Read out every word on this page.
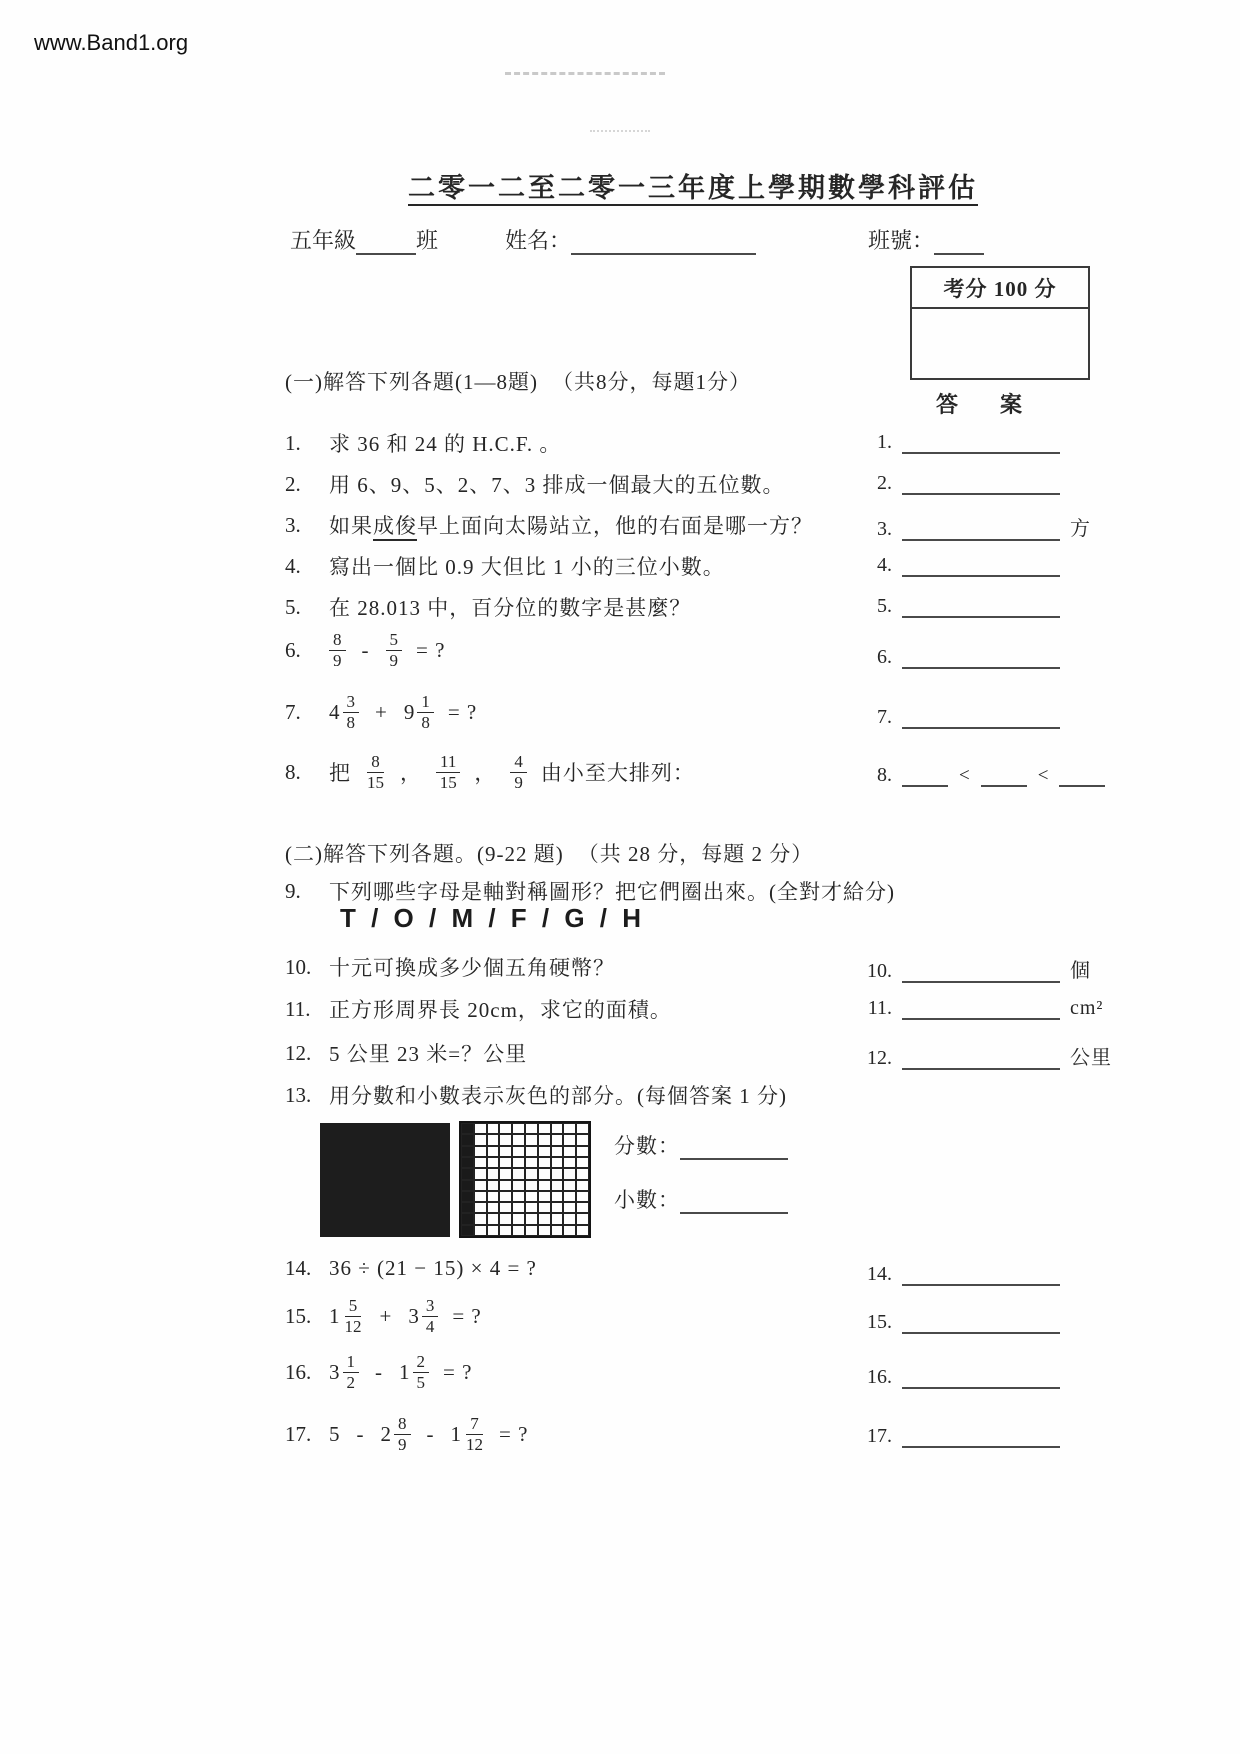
www.Band1.org
二零一二至二零一三年度上學期數學科評估
五年級	班	姓名：	班號：
考分 100 分
答 案
(一)解答下列各題(1—8題) （共8分，每題1分）
1.	求 36 和 24 的 H.C.F. 。
2.	用 6、9、5、2、7、3 排成一個最大的五位數。
3.	如果成俊早上面向太陽站立，他的右面是哪一方？
4.	寫出一個比 0.9 大但比 1 小的三位小數。
5.	在 28.013 中，百分位的數字是甚麼？
6.	$\frac{8}{9} - \frac{5}{9}$ = ?
7.	$4 \frac{3}{8} + 9 \frac{1}{8}$ = ?
8.	把 $\frac{8}{15}$ ， $\frac{11}{15}$ ， $\frac{4}{9}$ 由小至大排列：
1.
2.
3.	方
4.
5.
6.
7.
8.	<	<
(二)解答下列各題。(9-22 題) （共 28 分，每題 2 分）
9.	下列哪些字母是軸對稱圖形？把它們圈出來。(全對才給分)
T / O / M / F / G / H
10. 十元可換成多少個五角硬幣？
11. 正方形周界長 20cm，求它的面積。
12. 5 公里 23 米=？公里
13. 用分數和小數表示灰色的部分。(每個答案 1 分)
分數：
小數：
14. 36 ÷ (21 − 15) × 4 = ?
15. $1 \frac{5}{12} + 3 \frac{3}{4}$ = ?
16. $3 \frac{1}{2} - 1 \frac{2}{5}$ = ?
17. $5 - 2 \frac{8}{9} - 1 \frac{7}{12}$ = ?
10.	個
11.	cm²
12.	公里
14.
15.
16.
17.
